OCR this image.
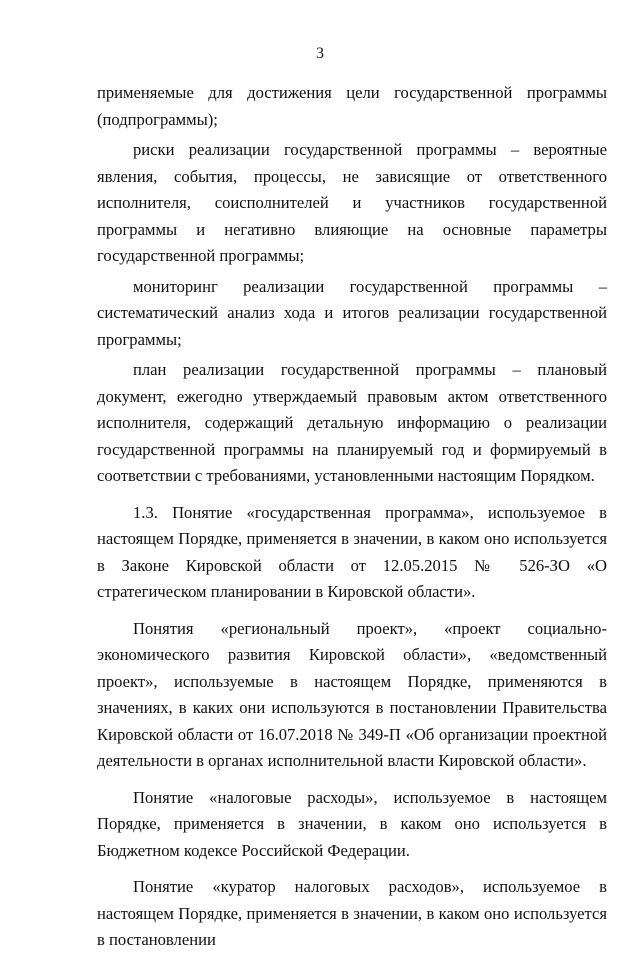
3

применяемые для достижения цели государственной программы (подпрограммы);

риски реализации государственной программы – вероятные явления, события, процессы, не зависящие от ответственного исполнителя, соисполнителей и участников государственной программы и негативно влияющие на основные параметры государственной программы;

мониторинг реализации государственной программы – систематический анализ хода и итогов реализации государственной программы;

план реализации государственной программы – плановый документ, ежегодно утверждаемый правовым актом ответственного исполнителя, содержащий детальную информацию о реализации государственной программы на планируемый год и формируемый в соответствии с требованиями, установленными настоящим Порядком.

1.3. Понятие «государственная программа», используемое в настоящем Порядке, применяется в значении, в каком оно используется в Законе Кировской области от 12.05.2015 № 526-ЗО «О стратегическом планировании в Кировской области».

Понятия «региональный проект», «проект социально-экономического развития Кировской области», «ведомственный проект», используемые в настоящем Порядке, применяются в значениях, в каких они используются в постановлении Правительства Кировской области от 16.07.2018 № 349-П «Об организации проектной деятельности в органах исполнительной власти Кировской области».

Понятие «налоговые расходы», используемое в настоящем Порядке, применяется в значении, в каком оно используется в Бюджетном кодексе Российской Федерации.

Понятие «куратор налоговых расходов», используемое в настоящем Порядке, применяется в значении, в каком оно используется в постановлении
